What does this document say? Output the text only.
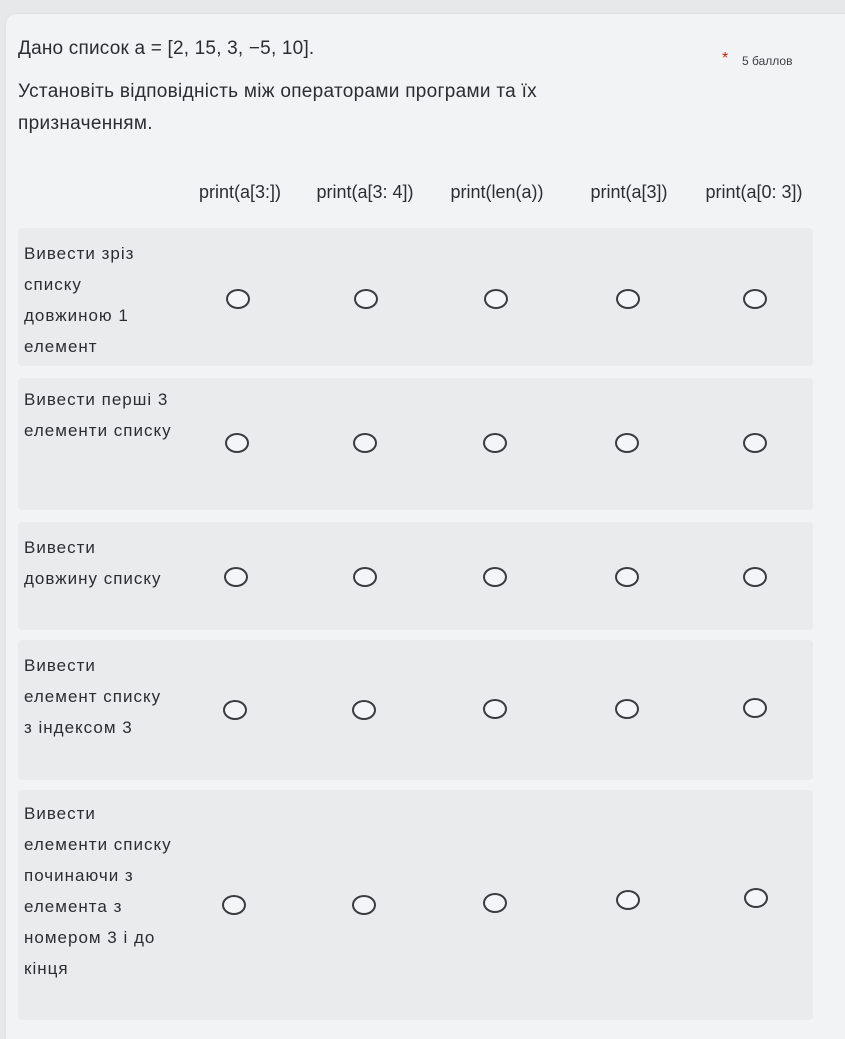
Дано список a = [2, 15, 3, −5, 10].	* 5 баллов
Установіть відповідність між операторами програми та їх призначенням.
print(a[3:]) print(a[3: 4]) print(len(a))	print(a[3]) print(a[0: 3])
Вивести зріз списку довжиною 1 елемент
Вивести перші 3 елементи списку
Вивести довжину списку
Вивести елемент списку з індексом 3
Вивести елементи списку починаючи з елемента з номером 3 і до кінця
